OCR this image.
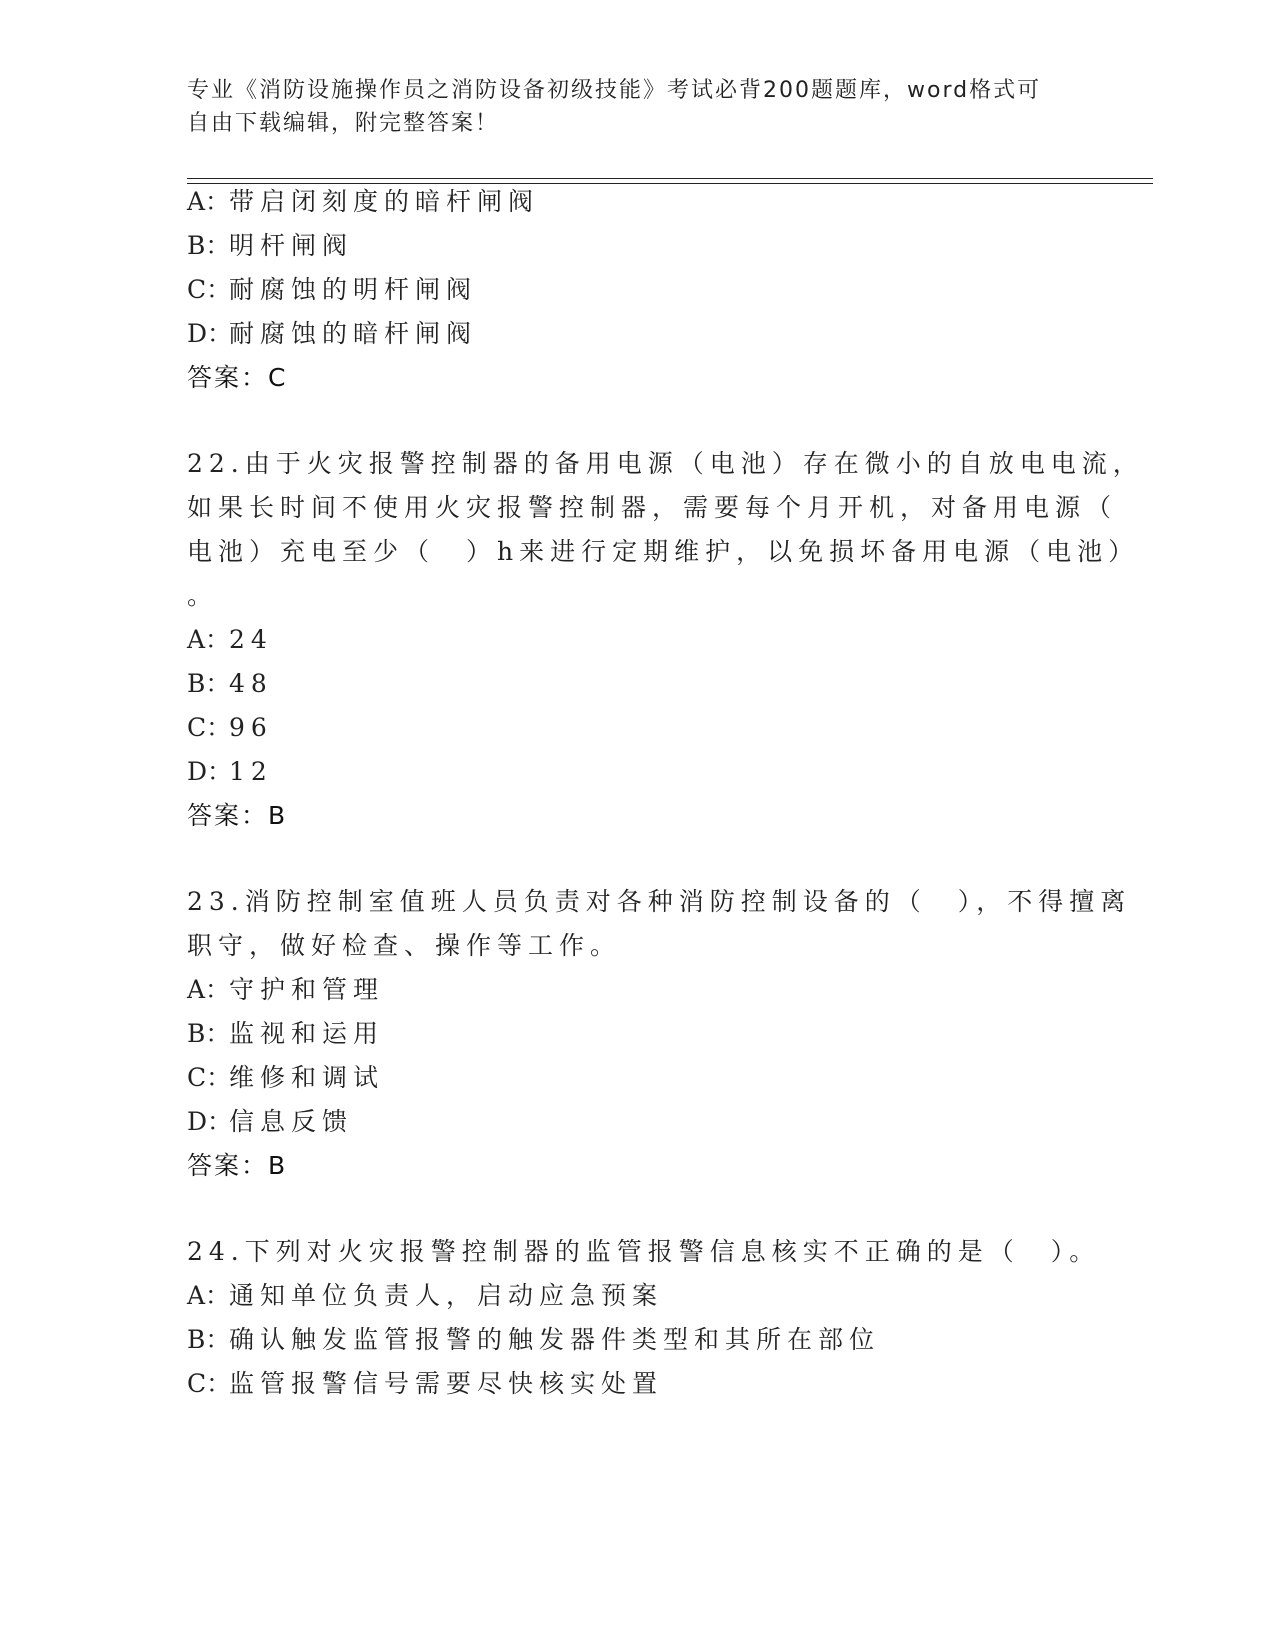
专业《消防设施操作员之消防设备初级技能》考试必背200题题库，word格式可
自由下载编辑，附完整答案！
A：带启闭刻度的暗杆闸阀
B：明杆闸阀
C：耐腐蚀的明杆闸阀
D：耐腐蚀的暗杆闸阀
答案：C
22.由于火灾报警控制器的备用电源（电池）存在微小的自放电电流，
如果长时间不使用火灾报警控制器，需要每个月开机，对备用电源（
电池）充电至少（　）h来进行定期维护，以免损坏备用电源（电池）
。
A：24
B：48
C：96
D：12
答案：B
23.消防控制室值班人员负责对各种消防控制设备的（　），不得擅离
职守，做好检查、操作等工作。
A：守护和管理
B：监视和运用
C：维修和调试
D：信息反馈
答案：B
24.下列对火灾报警控制器的监管报警信息核实不正确的是（　）。
A：通知单位负责人，启动应急预案
B：确认触发监管报警的触发器件类型和其所在部位
C：监管报警信号需要尽快核实处置
